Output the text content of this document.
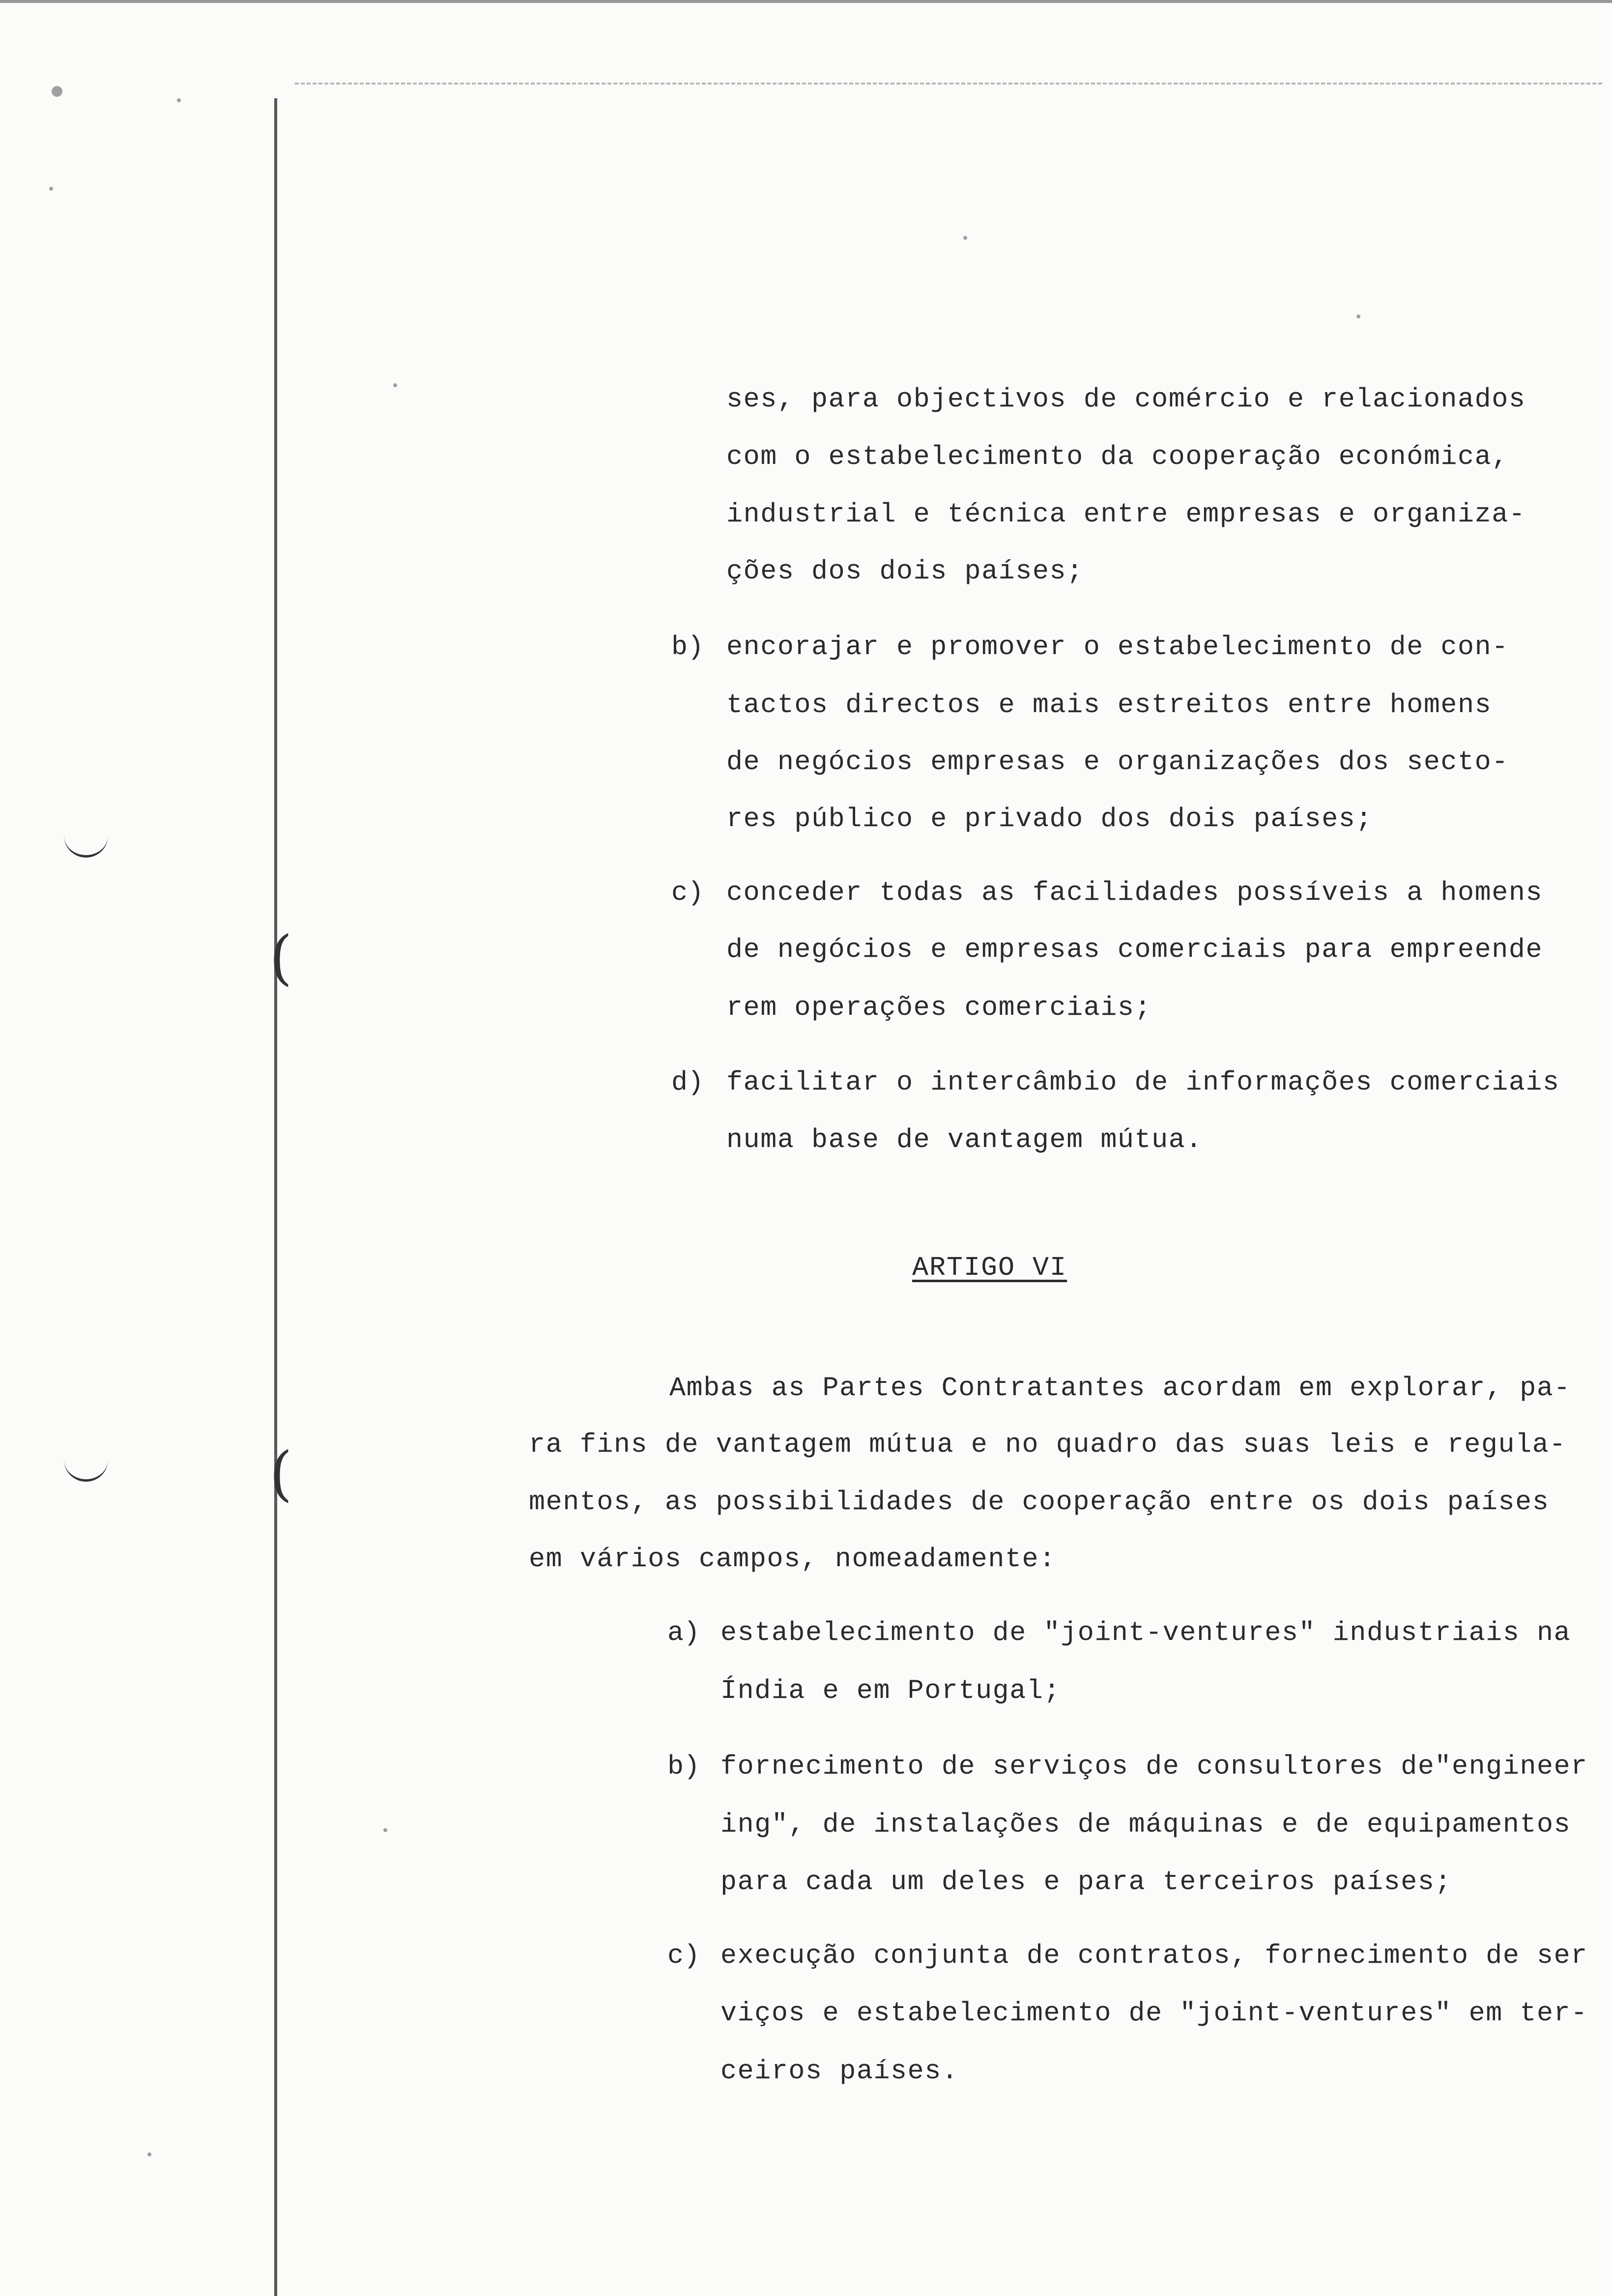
(
(
ses, para objectivos de comércio e relacionados
com o estabelecimento da cooperação económica,
industrial e técnica entre empresas e organiza-
ções dos dois países;
b) encorajar e promover o estabelecimento de con-
tactos directos e mais estreitos entre homens
de negócios empresas e organizações dos secto-
res público e privado dos dois países;
c) conceder todas as facilidades possíveis a homens
de negócios e empresas comerciais para empreende
rem operações comerciais;
d) facilitar o intercâmbio de informações comerciais
numa base de vantagem mútua.
ARTIGO VI
Ambas as Partes Contratantes acordam em explorar, pa-
ra fins de vantagem mútua e no quadro das suas leis e regula-
mentos, as possibilidades de cooperação entre os dois países
em vários campos, nomeadamente:
a) estabelecimento de "joint-ventures" industriais na
Índia e em Portugal;
b) fornecimento de serviços de consultores de"engineer
ing", de instalações de máquinas e de equipamentos
para cada um deles e para terceiros países;
c) execução conjunta de contratos, fornecimento de ser
viços e estabelecimento de "joint-ventures" em ter-
ceiros países.
